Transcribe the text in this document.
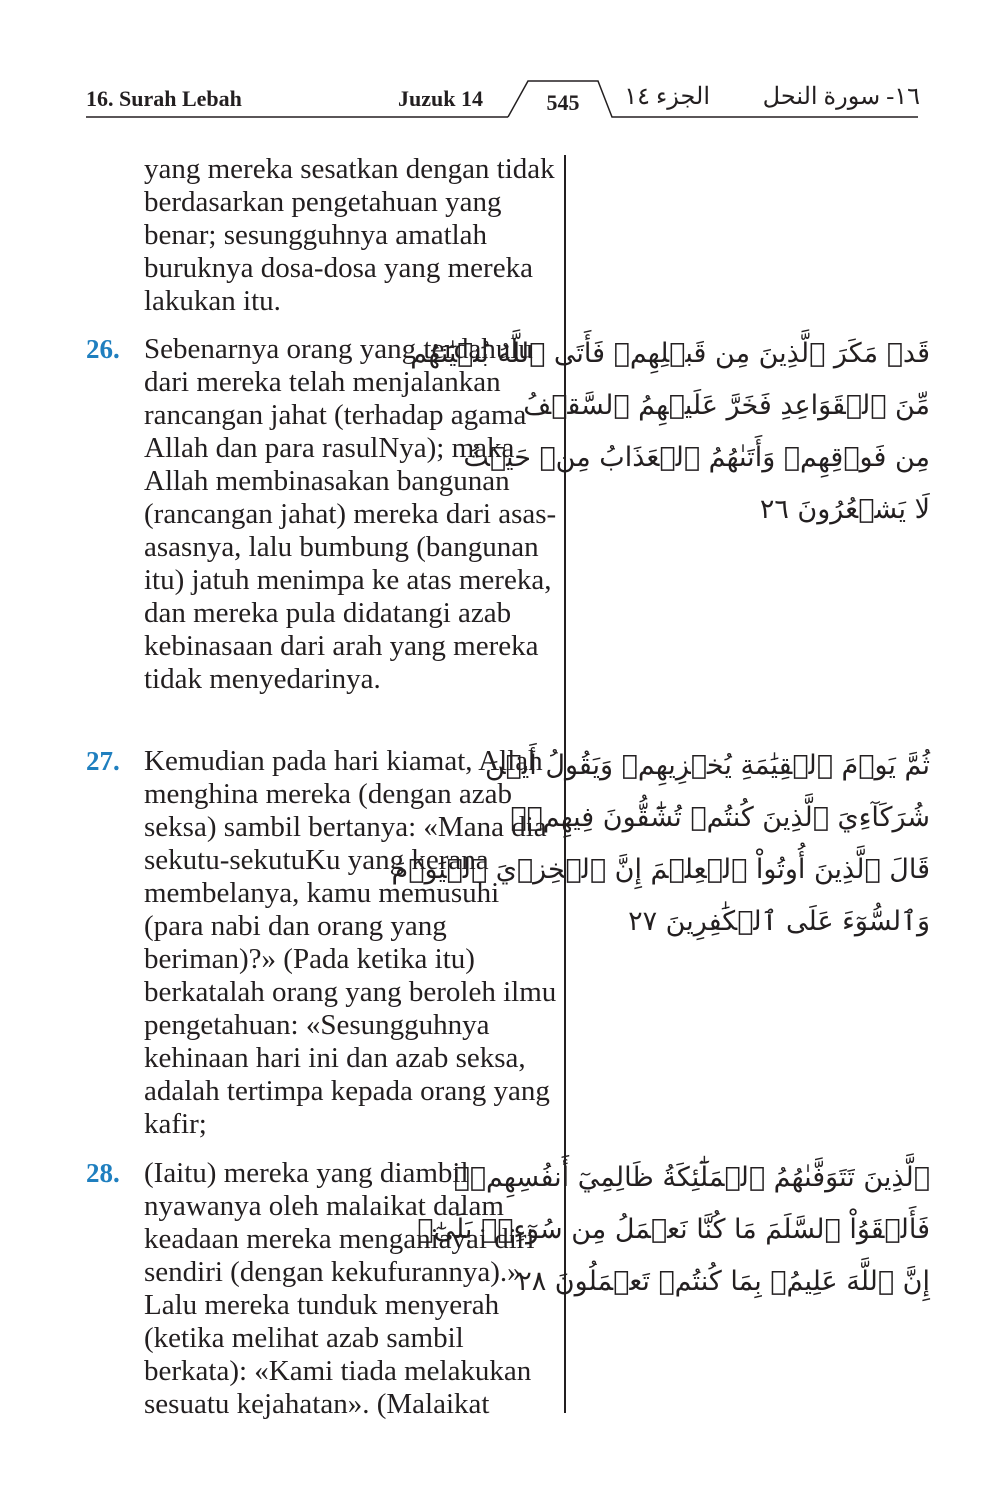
16. Surah Lebah	Juzuk 14	545	الجزء ١٤	١٦- سورة النحل

yang mereka sesatkan dengan tidak berdasarkan pengetahuan yang benar; sesungguhnya amatlah buruknya dosa-dosa yang mereka lakukan itu.

26. Sebenarnya orang yang terdahulu dari mereka telah menjalankan rancangan jahat (terhadap agama Allah dan para rasulNya); maka Allah membinasakan bangunan (rancangan jahat) mereka dari asas-asasnya, lalu bumbung (bangunan itu) jatuh menimpa ke atas mereka, dan mereka pula didatangi azab kebinasaan dari arah yang mereka tidak menyedarinya.

قَدۡ مَكَرَ ٱلَّذِينَ مِن قَبۡلِهِمۡ فَأَتَى ٱللَّهُ بُنۡيَٰنَهُم

مِّنَ ٱلۡقَوَاعِدِ فَخَرَّ عَلَيۡهِمُ ٱلسَّقۡفُ

مِن فَوۡقِهِمۡ وَأَتَىٰهُمُ ٱلۡعَذَابُ مِنۡ حَيۡثُ

لَا يَشۡعُرُونَ ٢٦

27. Kemudian pada hari kiamat, Allah menghina mereka (dengan azab seksa) sambil bertanya: «Mana dia sekutu-sekutuKu yang kerana membelanya, kamu memusuhi (para nabi dan orang yang beriman)?» (Pada ketika itu) berkatalah orang yang beroleh ilmu pengetahuan: «Sesungguhnya kehinaan hari ini dan azab seksa, adalah tertimpa kepada orang yang kafir;

ثُمَّ يَوۡمَ ٱلۡقِيَٰمَةِ يُخۡزِيهِمۡ وَيَقُولُ أَيۡنَ

شُرَكَآءِيَ ٱلَّذِينَ كُنتُمۡ تُشَٰٓقُّونَ فِيهِمۡۚ

قَالَ ٱلَّذِينَ أُوتُواْ ٱلۡعِلۡمَ إِنَّ ٱلۡخِزۡيَ ٱلۡيَوۡمَ

وَٱلسُّوٓءَ عَلَى ٱلۡكَٰفِرِينَ ٢٧

28. (Iaitu) mereka yang diambil nyawanya oleh malaikat dalam keadaan mereka menganiayai diri sendiri (dengan kekufurannya).» Lalu mereka tunduk menyerah (ketika melihat azab sambil berkata): «Kami tiada melakukan sesuatu kejahatan». (Malaikat

ٱلَّذِينَ تَتَوَفَّىٰهُمُ ٱلۡمَلَٰٓئِكَةُ ظَالِمِيٓ أَنفُسِهِمۡۖ

فَأَلۡقَوُاْ ٱلسَّلَمَ مَا كُنَّا نَعۡمَلُ مِن سُوٓءِۭۚ بَلَىٰٓۚ

إِنَّ ٱللَّهَ عَلِيمُۢ بِمَا كُنتُمۡ تَعۡمَلُونَ ٢٨
